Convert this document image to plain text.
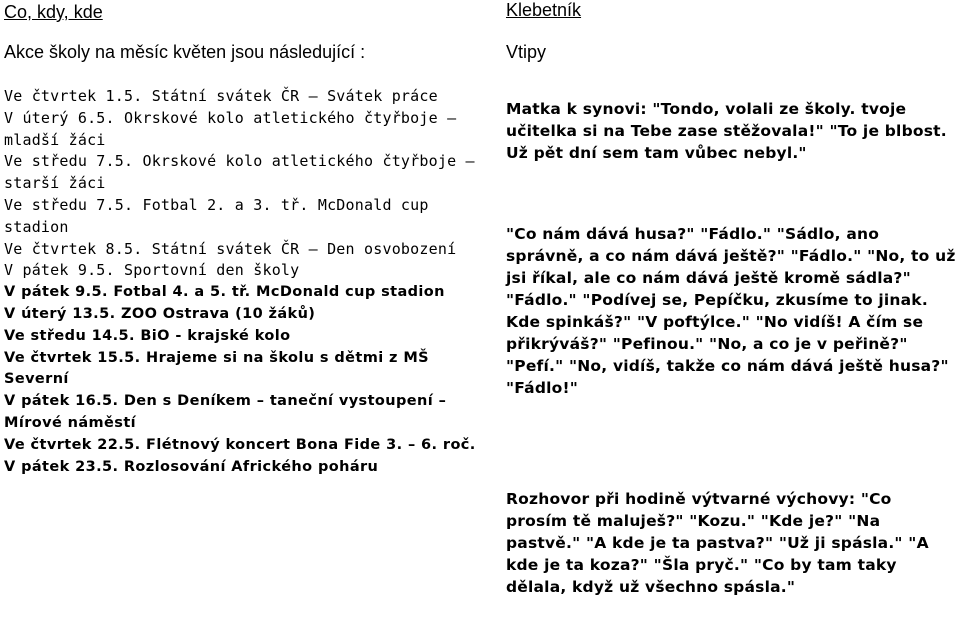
Co, kdy, kde
Akce školy na měsíc květen jsou následující :
Ve čtvrtek 1.5. Státní svátek ČR – Svátek práce
V úterý 6.5. Okrskové kolo atletického čtyřboje – mladší žáci
Ve středu 7.5. Okrskové kolo atletického čtyřboje – starší žáci
Ve středu 7.5. Fotbal 2. a 3. tř. McDonald cup stadion
Ve čtvrtek 8.5. Státní svátek ČR – Den osvobození
V pátek 9.5. Sportovní den školy
V pátek 9.5. Fotbal 4. a 5. tř. McDonald cup stadion
V úterý 13.5. ZOO Ostrava (10 žáků)
Ve středu 14.5. BiO - krajské kolo
Ve čtvrtek 15.5. Hrajeme si na školu s dětmi z MŠ Severní
V pátek 16.5. Den s Deníkem – taneční vystoupení – Mírové náměstí
Ve čtvrtek 22.5. Flétnový koncert Bona Fide 3. – 6. roč.
V pátek 23.5. Rozlosování Afrického poháru
Klebetník
Vtipy

Matka k synovi: "Tondo, volali ze školy. tvoje učitelka si na Tebe zase stěžovala!" "To je blbost. Už pět dní sem tam vůbec nebyl."

"Co nám dává husa?" "Fádlo." "Sádlo, ano správně, a co nám dává ještě?" "Fádlo." "No, to už jsi říkal, ale co nám dává ještě kromě sádla?" "Fádlo." "Podívej se, Pepíčku, zkusíme to jinak. Kde spinkáš?" "V poftýlce." "No vidíš! A čím se přikrýváš?" "Pefinou." "No, a co je v peřině?" "Pefí." "No, vidíš, takže co nám dává ještě husa?" "Fádlo!"

Rozhovor při hodině výtvarné výchovy: "Co prosím tě maluješ?" "Kozu." "Kde je?" "Na pastvě." "A kde je ta pastva?" "Už ji spásla." "A kde je ta koza?" "Šla pryč." "Co by tam taky dělala, když už všechno spásla."
